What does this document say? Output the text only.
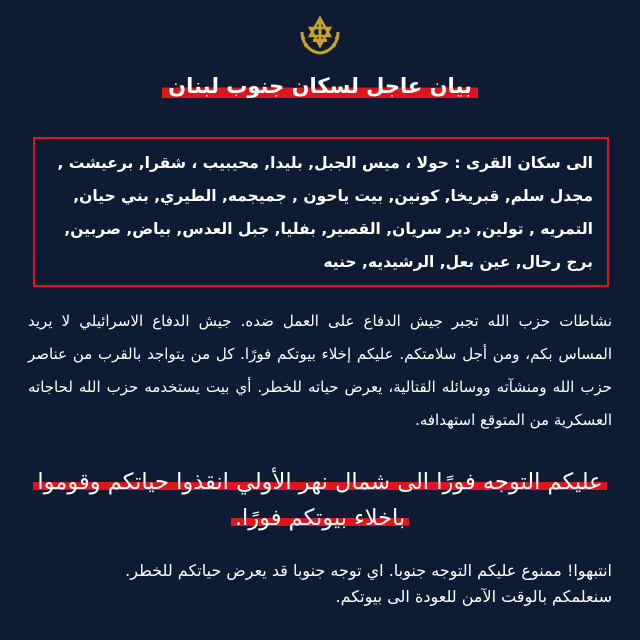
بيان عاجل لسكان جنوب لبنان
الى سكان القرى : حولا ، ميس الجبل, بليدا, محيبيب ، شقرا, برعيشت , مجدل سلم, قبريخا, كونين, بيت ياحون , جميجمه, الطيري, بني حيان, التمريه , تولين, دير سريان, القصير, بفليا, جبل العدس, بياض, صربين, برج رحال, عين بعل, الرشيديه, حنيه
نشاطات حزب الله تجبر جيش الدفاع على العمل ضده. جيش الدفاع الاسرائيلي لا يريد المساس بكم، ومن أجل سلامتكم. عليكم إخلاء بيوتكم فورًا. كل من يتواجد بالقرب من عناصر حزب الله ومنشآته ووسائله القتالية، يعرض حياته للخطر. أي بيت يستخدمه حزب الله لحاجاته العسكرية من المتوقع استهدافه.
عليكم التوجه فورًا الى شمال نهر الأولي انقذوا حياتكم وقوموا باخلاء بيوتكم فورًا.
انتبهوا! ممنوع عليكم التوجه جنوبا. اي توجه جنوبا قد يعرض حياتكم للخطر.
سنعلمكم بالوقت الآمن للعودة الى بيوتكم.
